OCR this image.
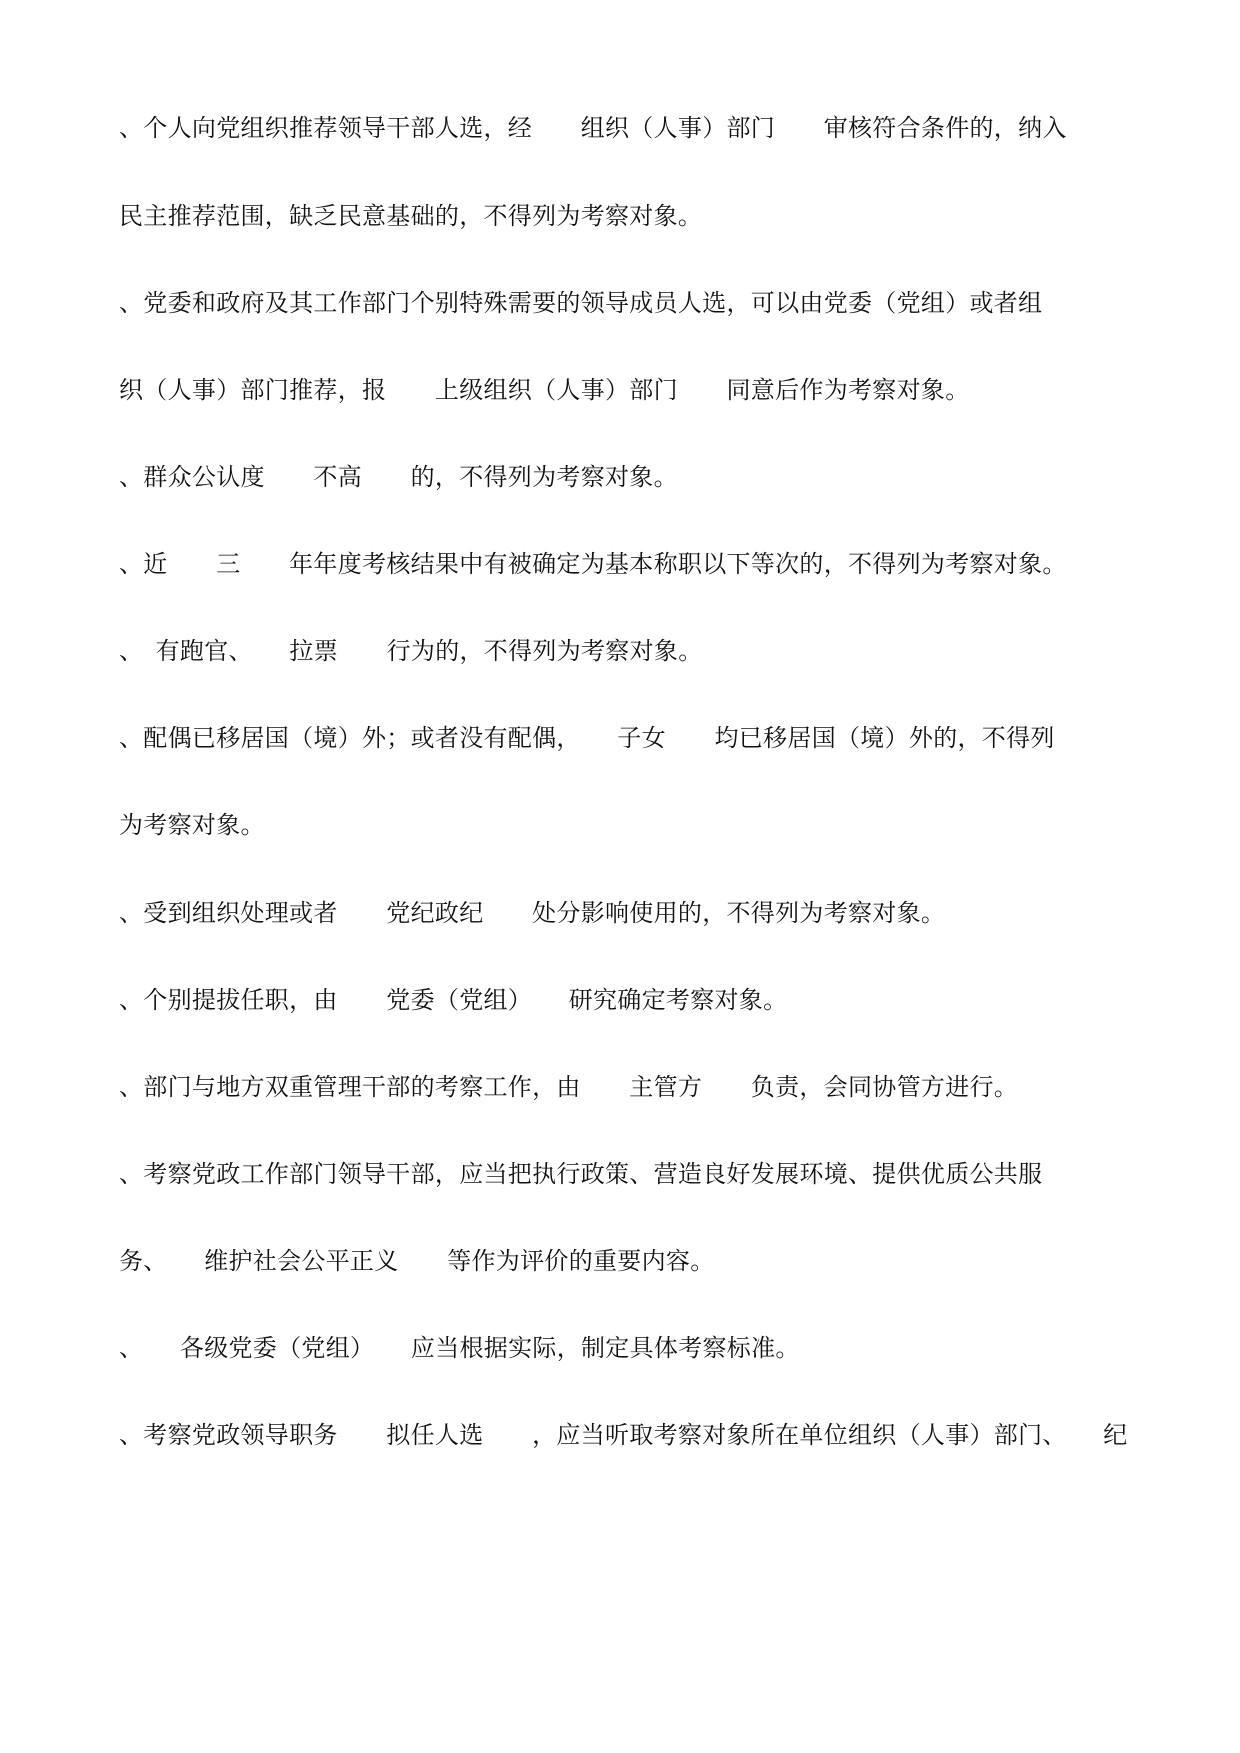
、个人向党组织推荐领导干部人选，经　　组织（人事）部门　　审核符合条件的，纳入
民主推荐范围，缺乏民意基础的，不得列为考察对象。
、党委和政府及其工作部门个别特殊需要的领导成员人选，可以由党委（党组）或者组
织（人事）部门推荐，报　　上级组织（人事）部门　　同意后作为考察对象。
、群众公认度　　不高　　的，不得列为考察对象。
、近　　三　　年年度考核结果中有被确定为基本称职以下等次的，不得列为考察对象。
、　有跑官、　　拉票　　行为的，不得列为考察对象。
、配偶已移居国（境）外；或者没有配偶，　　子女　　均已移居国（境）外的，不得列
为考察对象。
、受到组织处理或者　　党纪政纪　　处分影响使用的，不得列为考察对象。
、个别提拔任职，由　　党委（党组）　　研究确定考察对象。
、部门与地方双重管理干部的考察工作，由　　主管方　　负责，会同协管方进行。
、考察党政工作部门领导干部，应当把执行政策、营造良好发展环境、提供优质公共服
务、　　维护社会公平正义　　等作为评价的重要内容。
、　　各级党委（党组）　　应当根据实际，制定具体考察标准。
、考察党政领导职务　　拟任人选　　，应当听取考察对象所在单位组织（人事）部门、　　纪
